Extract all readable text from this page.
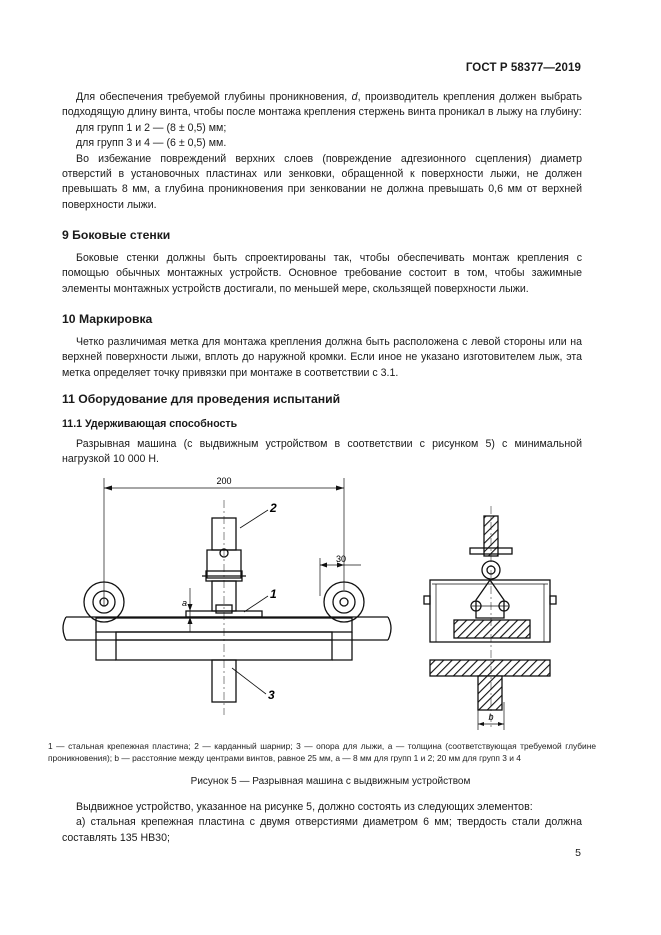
ГОСТ Р 58377—2019

Для обеспечения требуемой глубины проникновения, d, производитель крепления должен выбрать подходящую длину винта, чтобы после монтажа крепления стержень винта проникал в лыжу на глубину:

для групп 1 и 2 — (8 ± 0,5) мм;

для групп 3 и 4 — (6 ± 0,5) мм.

Во избежание повреждений верхних слоев (повреждение адгезионного сцепления) диаметр отверстий в установочных пластинах или зенковки, обращенной к поверхности лыжи, не должен превышать 8 мм, а глубина проникновения при зенковании не должна превышать 0,6 мм от верхней поверхности лыжи.

9 Боковые стенки

Боковые стенки должны быть спроектированы так, чтобы обеспечивать монтаж крепления с помощью обычных монтажных устройств. Основное требование состоит в том, чтобы зажимные элементы монтажных устройств достигали, по меньшей мере, скользящей поверхности лыжи.

10 Маркировка

Четко различимая метка для монтажа крепления должна быть расположена с левой стороны или на верхней поверхности лыжи, вплоть до наружной кромки. Если иное не указано изготовителем лыж, эта метка определяет точку привязки при монтаже в соответствии с 3.1.

11 Оборудование для проведения испытаний
11.1 Удерживающая способность

Разрывная машина (с выдвижным устройством в соответствии с рисунком 5) с минимальной нагрузкой 10 000 Н.

200
30
2
1
3
a
b
1 — стальная крепежная пластина; 2 — карданный шарнир; 3 — опора для лыжи, a — толщина (соответствующая требуемой глубине проникновения); b — расстояние между центрами винтов, равное 25 мм, a — 8 мм для групп 1 и 2; 20 мм для групп 3 и 4
Рисунок 5 — Разрывная машина с выдвижным устройством

Выдвижное устройство, указанное на рисунке 5, должно состоять из следующих элементов:

а) стальная крепежная пластина с двумя отверстиями диаметром 6 мм; твердость стали должна составлять 135 НВ30;

5
